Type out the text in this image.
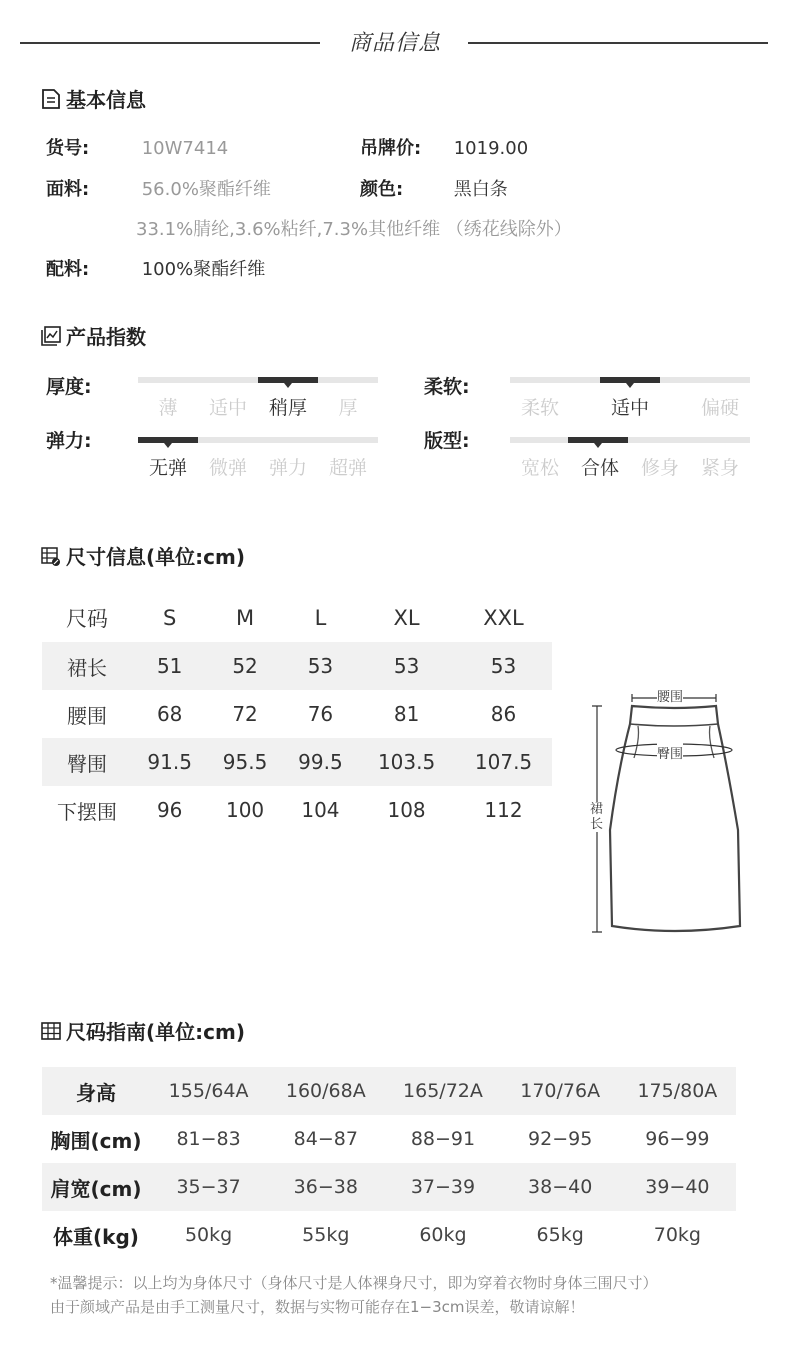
商品信息
基本信息
货号:	10W7414	吊牌价: 1019.00
面料:	56.0%聚酯纤维	颜色:	黑白条
33.1%腈纶,3.6%粘纤,7.3%其他纤维 （绣花线除外）
配料:	100%聚酯纤维
产品指数
厚度:
薄	适中	稍厚	厚
柔软:
柔软	适中	偏硬
弹力:
无弹	微弹	弹力	超弹
版型:
宽松	合体	修身	紧身
尺寸信息(单位:cm)
尺码	S	M	L	XL	XXL
裙长	51	52	53	53	53
腰围	68	72	76	81	86
臀围	91.5	95.5	99.5	103.5	107.5
下摆围	96	100	104	108	112
腰围
臀围
裙长
尺码指南(单位:cm)
身高	155/64A	160/68A	165/72A	170/76A	175/80A
胸围(cm)	81−83	84−87	88−91	92−95	96−99
肩宽(cm)	35−37	36−38	37−39	38−40	39−40
体重(kg)	50kg	55kg	60kg	65kg	70kg
*温馨提示：以上均为身体尺寸（身体尺寸是人体裸身尺寸，即为穿着衣物时身体三围尺寸）
由于颜域产品是由手工测量尺寸，数据与实物可能存在1−3cm误差，敬请谅解！
